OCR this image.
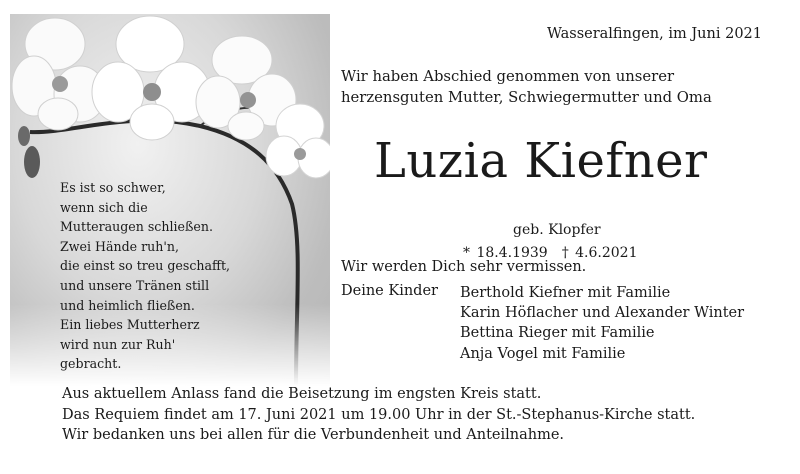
Es ist so schwer,
wenn sich die
Mutteraugen schließen.
Zwei Hände ruh'n,
die einst so treu geschafft,
und unsere Tränen still
und heimlich fließen.
Ein liebes Mutterherz
wird nun zur Ruh'
gebracht.
Wasseralfingen, im Juni 2021
Wir haben Abschied genommen von unserer
herzensguten Mutter, Schwiegermutter und Oma
Luzia Kiefner
geb. Klopfer
* 18.4.1939 † 4.6.2021
Wir werden Dich sehr vermissen.
Deine Kinder Berthold Kiefner mit Familie
Karin Höflacher und Alexander Winter
Bettina Rieger mit Familie
Anja Vogel mit Familie
Aus aktuellem Anlass fand die Beisetzung im engsten Kreis statt.
Das Requiem findet am 17. Juni 2021 um 19.00 Uhr in der St.-Stephanus-Kirche statt.
Wir bedanken uns bei allen für die Verbundenheit und Anteilnahme.
